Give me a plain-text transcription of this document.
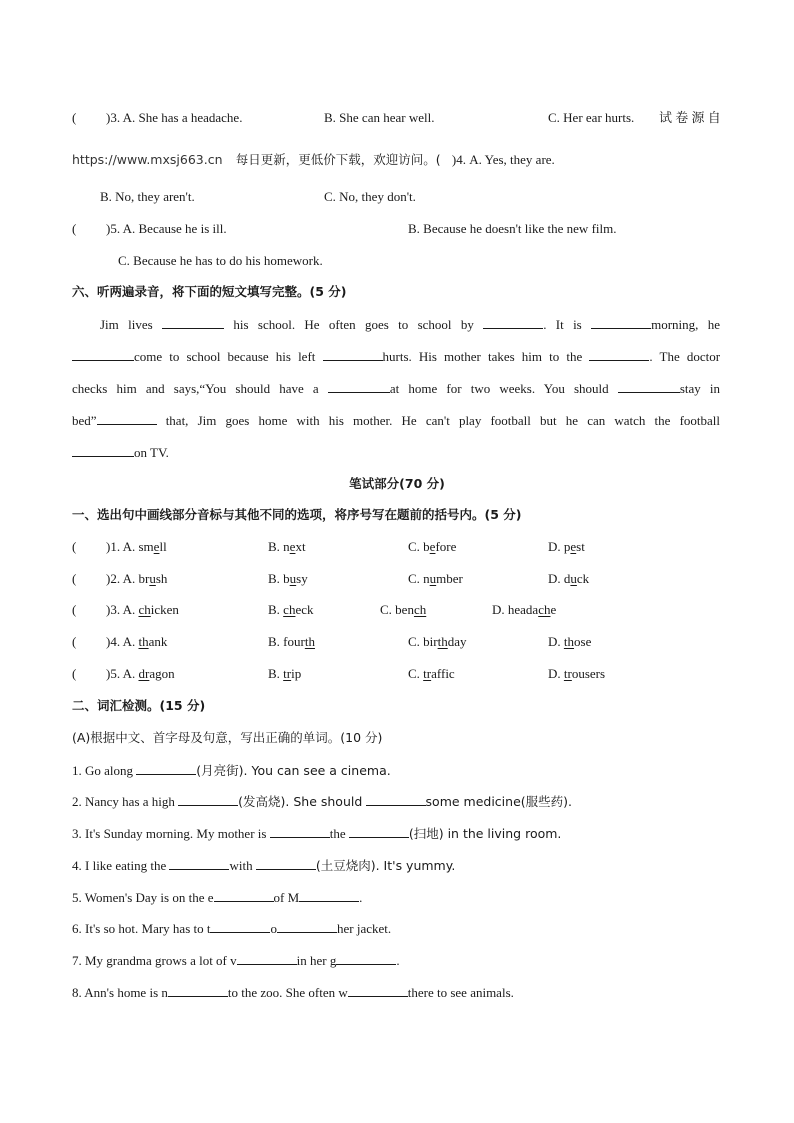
( )3. A. She has a headache.	B. She can hear well.	C. Her ear hurts. 试 卷 源 自
https://www.mxsj663.cn 每日更新，更低价下载，欢迎访问。( )4. A. Yes, they are.
B. No, they aren't.	C. No, they don't.
( )5. A. Because he is ill.	B. Because he doesn't like the new film.
C. Because he has to do his homework.
六、听两遍录音，将下面的短文填写完整。(5 分)
Jim lives	his school. He often goes to school by	. It is	morning, he
come to school because his left	hurts. His mother takes him to the	. The doctor
checks him and says,“You should have a	at home for two weeks. You should	stay in
bed”	that, Jim goes home with his mother. He can't play football but he can watch the football
on TV.
笔试部分(70 分)
一、选出句中画线部分音标与其他不同的选项，将序号写在题前的括号内。(5 分)
( )1. A. smell	B. next	C. before	D. pest
( )2. A. brush	B. busy	C. number	D. duck
( )3. A. chicken	B. check	C. bench	D. headache
( )4. A. thank	B. fourth	C. birthday	D. those
( )5. A. dragon	B. trip	C. traffic	D. trousers
二、词汇检测。(15 分)
(A)根据中文、首字母及句意，写出正确的单词。(10 分)
1. Go along	(月亮街). You can see a cinema.
2. Nancy has a high	(发高烧). She should	some medicine(服些药).
3. It's Sunday morning. My mother is	the	(扫地) in the living room.
4. I like eating the	with	(土豆烧肉). It's yummy.
5. Women's Day is on the e	of M	.
6. It's so hot. Mary has to t	o	her jacket.
7. My grandma grows a lot of v	in her g	.
8. Ann's home is n	to the zoo. She often w	there to see animals.
